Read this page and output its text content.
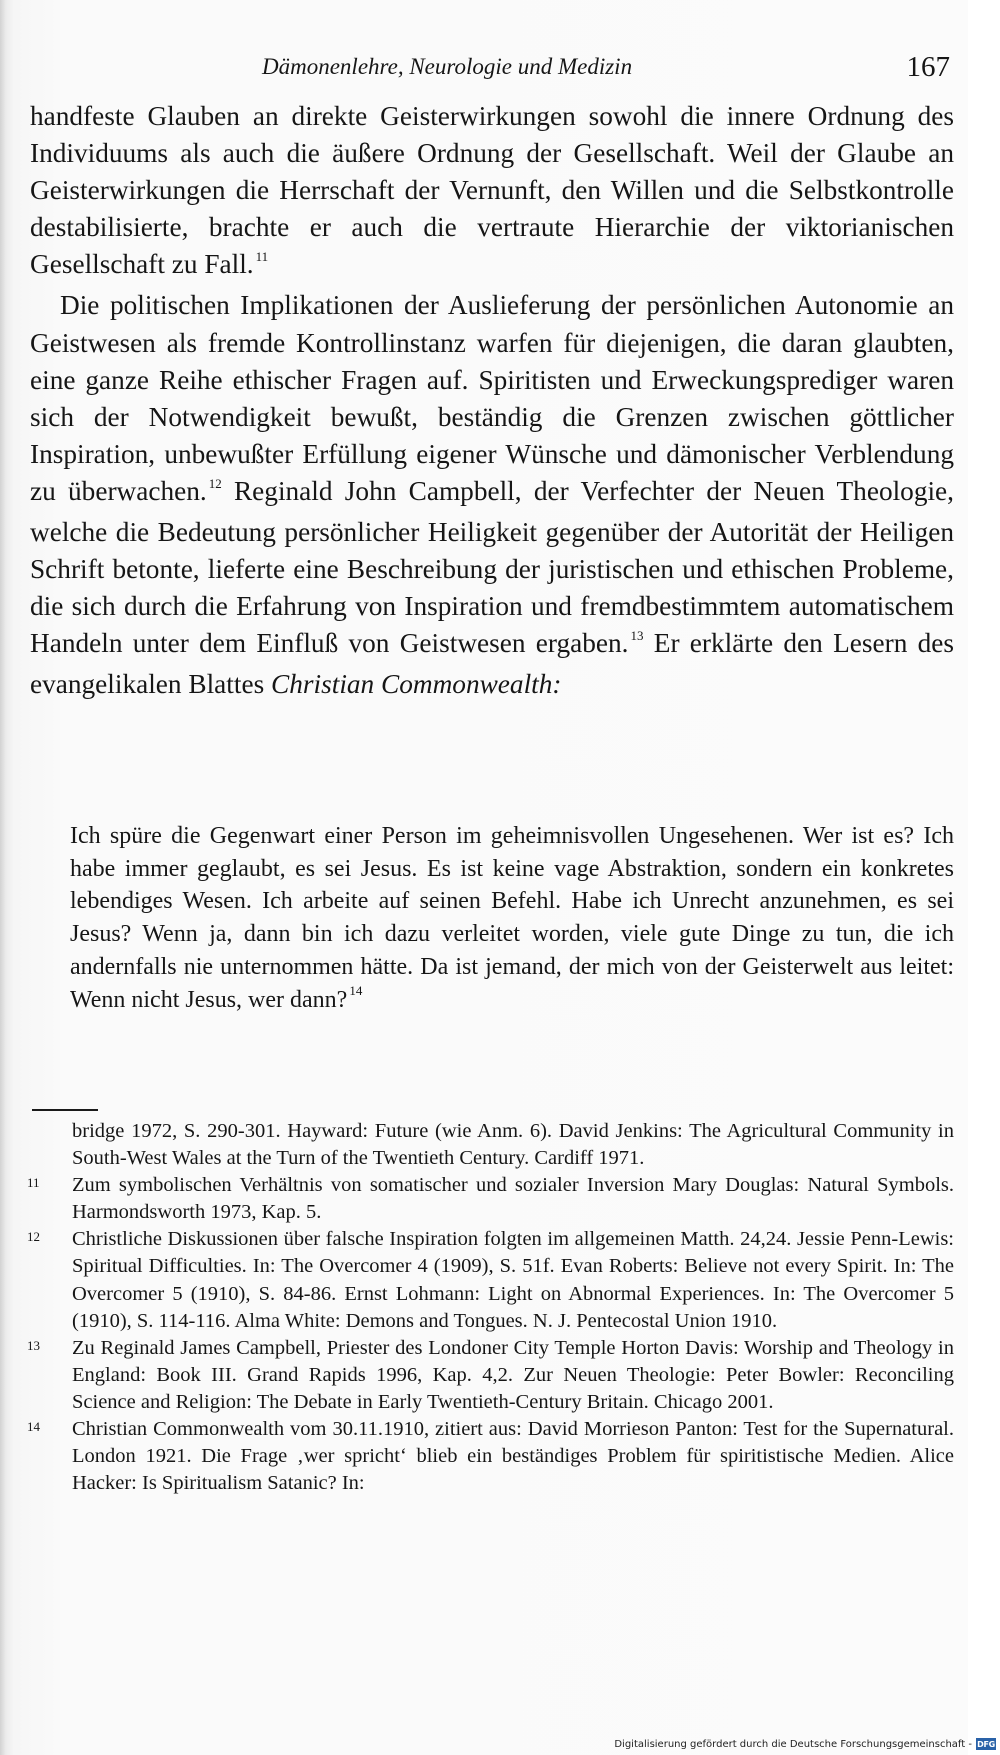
Dämonenlehre, Neurologie und Medizin	167

handfeste Glauben an direkte Geisterwirkungen sowohl die innere Ordnung des Individuums als auch die äußere Ordnung der Gesellschaft. Weil der Glaube an Geisterwirkungen die Herrschaft der Vernunft, den Willen und die Selbstkontrolle destabilisierte, brachte er auch die vertraute Hierarchie der viktorianischen Gesellschaft zu Fall. $^{11}$

Die politischen Implikationen der Auslieferung der persönlichen Autonomie an Geistwesen als fremde Kontrollinstanz warfen für diejenigen, die daran glaubten, eine ganze Reihe ethischer Fragen auf. Spiritisten und Erweckungsprediger waren sich der Notwendigkeit bewußt, beständig die Grenzen zwischen göttlicher Inspiration, unbewußter Erfüllung eigener Wünsche und dämonischer Verblendung zu überwachen. $^{12}$ Reginald John Campbell, der Verfechter der Neuen Theologie, welche die Bedeutung persönlicher Heiligkeit gegenüber der Autorität der Heiligen Schrift betonte, lieferte eine Beschreibung der juristischen und ethischen Probleme, die sich durch die Erfahrung von Inspiration und fremdbestimmtem automatischem Handeln unter dem Einfluß von Geistwesen ergaben. $^{13}$ Er erklärte den Lesern des evangelikalen Blattes Christian Commonwealth:

Ich spüre die Gegenwart einer Person im geheimnisvollen Ungesehenen. Wer ist es? Ich habe immer geglaubt, es sei Jesus. Es ist keine vage Abstraktion, sondern ein konkretes lebendiges Wesen. Ich arbeite auf seinen Befehl. Habe ich Unrecht anzunehmen, es sei Jesus? Wenn ja, dann bin ich dazu verleitet worden, viele gute Dinge zu tun, die ich andernfalls nie unternommen hätte. Da ist jemand, der mich von der Geisterwelt aus leitet: Wenn nicht Jesus, wer dann? $^{14}$

bridge 1972, S. 290-301. Hayward: Future (wie Anm. 6). David Jenkins: The Agricultural Community in South-West Wales at the Turn of the Twentieth Century. Cardiff 1971.
11	Zum symbolischen Verhältnis von somatischer und sozialer Inversion Mary Douglas: Natural Symbols. Harmondsworth 1973, Kap. 5.
12	Christliche Diskussionen über falsche Inspiration folgten im allgemeinen Matth. 24,24. Jessie Penn-Lewis: Spiritual Difficulties. In: The Overcomer 4 (1909), S. 51f. Evan Roberts: Believe not every Spirit. In: The Overcomer 5 (1910), S. 84-86. Ernst Lohmann: Light on Abnormal Experiences. In: The Overcomer 5 (1910), S. 114-116. Alma White: Demons and Tongues. N. J. Pentecostal Union 1910.
13	Zu Reginald James Campbell, Priester des Londoner City Temple Horton Davis: Worship and Theology in England: Book III. Grand Rapids 1996, Kap. 4,2. Zur Neuen Theologie: Peter Bowler: Reconciling Science and Religion: The Debate in Early Twentieth-Century Britain. Chicago 2001.
14	Christian Commonwealth vom 30.11.1910, zitiert aus: David Morrieson Panton: Test for the Supernatural. London 1921. Die Frage ‚wer spricht‘ blieb ein beständiges Problem für spiritistische Medien. Alice Hacker: Is Spiritualism Satanic? In:
Digitalisierung gefördert durch die Deutsche Forschungsgemeinschaft - DFG
